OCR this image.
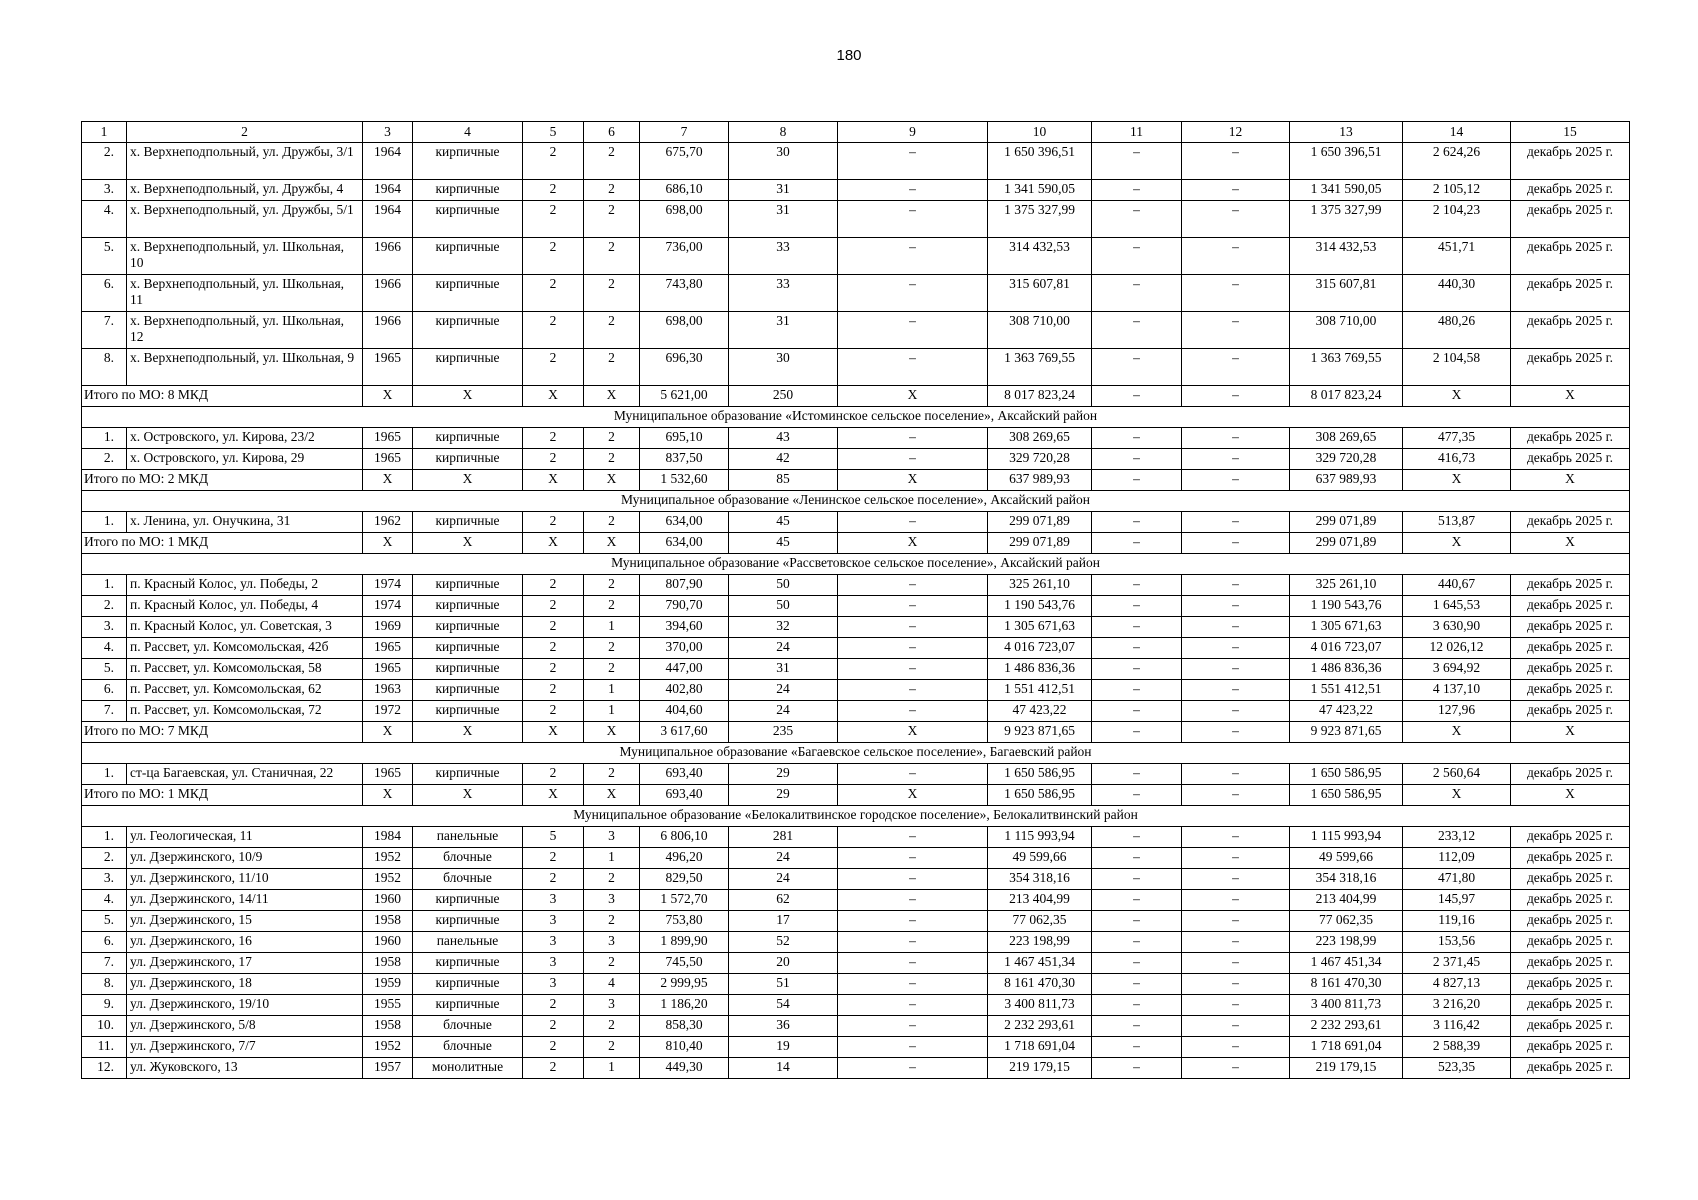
180
1	2	3	4	5	6	7	8	9	10	11	12	13	14	15
2.	х. Верхнеподпольный, ул. Дружбы, 3/1	1964	кирпичные	2	2	675,70	30	–	1 650 396,51	–	–	1 650 396,51	2 624,26	декабрь 2025 г.
3.	х. Верхнеподпольный, ул. Дружбы, 4	1964	кирпичные	2	2	686,10	31	–	1 341 590,05	–	–	1 341 590,05	2 105,12	декабрь 2025 г.
4.	х. Верхнеподпольный, ул. Дружбы, 5/1	1964	кирпичные	2	2	698,00	31	–	1 375 327,99	–	–	1 375 327,99	2 104,23	декабрь 2025 г.
5.	х. Верхнеподпольный, ул. Школьная, 10	1966	кирпичные	2	2	736,00	33	–	314 432,53	–	–	314 432,53	451,71	декабрь 2025 г.
6.	х. Верхнеподпольный, ул. Школьная, 11	1966	кирпичные	2	2	743,80	33	–	315 607,81	–	–	315 607,81	440,30	декабрь 2025 г.
7.	х. Верхнеподпольный, ул. Школьная, 12	1966	кирпичные	2	2	698,00	31	–	308 710,00	–	–	308 710,00	480,26	декабрь 2025 г.
8.	х. Верхнеподпольный, ул. Школьная, 9	1965	кирпичные	2	2	696,30	30	–	1 363 769,55	–	–	1 363 769,55	2 104,58	декабрь 2025 г.
Итого по МО: 8 МКД		Х	Х	Х	Х	5 621,00	250	Х	8 017 823,24	–	–	8 017 823,24	Х	Х
Муниципальное образование «Истоминское сельское поселение», Аксайский район														
1.	х. Островского, ул. Кирова, 23/2	1965	кирпичные	2	2	695,10	43	–	308 269,65	–	–	308 269,65	477,35	декабрь 2025 г.
2.	х. Островского, ул. Кирова, 29	1965	кирпичные	2	2	837,50	42	–	329 720,28	–	–	329 720,28	416,73	декабрь 2025 г.
Итого по МО: 2 МКД		Х	Х	Х	Х	1 532,60	85	Х	637 989,93	–	–	637 989,93	Х	Х
Муниципальное образование «Ленинское сельское поселение», Аксайский район														
1.	х. Ленина, ул. Онучкина, 31	1962	кирпичные	2	2	634,00	45	–	299 071,89	–	–	299 071,89	513,87	декабрь 2025 г.
Итого по МО: 1 МКД		Х	Х	Х	Х	634,00	45	Х	299 071,89	–	–	299 071,89	Х	Х
Муниципальное образование «Рассветовское сельское поселение», Аксайский район														
1.	п. Красный Колос, ул. Победы, 2	1974	кирпичные	2	2	807,90	50	–	325 261,10	–	–	325 261,10	440,67	декабрь 2025 г.
2.	п. Красный Колос, ул. Победы, 4	1974	кирпичные	2	2	790,70	50	–	1 190 543,76	–	–	1 190 543,76	1 645,53	декабрь 2025 г.
3.	п. Красный Колос, ул. Советская, 3	1969	кирпичные	2	1	394,60	32	–	1 305 671,63	–	–	1 305 671,63	3 630,90	декабрь 2025 г.
4.	п. Рассвет, ул. Комсомольская, 42б	1965	кирпичные	2	2	370,00	24	–	4 016 723,07	–	–	4 016 723,07	12 026,12	декабрь 2025 г.
5.	п. Рассвет, ул. Комсомольская, 58	1965	кирпичные	2	2	447,00	31	–	1 486 836,36	–	–	1 486 836,36	3 694,92	декабрь 2025 г.
6.	п. Рассвет, ул. Комсомольская, 62	1963	кирпичные	2	1	402,80	24	–	1 551 412,51	–	–	1 551 412,51	4 137,10	декабрь 2025 г.
7.	п. Рассвет, ул. Комсомольская, 72	1972	кирпичные	2	1	404,60	24	–	47 423,22	–	–	47 423,22	127,96	декабрь 2025 г.
Итого по МО: 7 МКД		Х	Х	Х	Х	3 617,60	235	Х	9 923 871,65	–	–	9 923 871,65	Х	Х
Муниципальное образование «Багаевское сельское поселение», Багаевский район														
1.	ст-ца Багаевская, ул. Станичная, 22	1965	кирпичные	2	2	693,40	29	–	1 650 586,95	–	–	1 650 586,95	2 560,64	декабрь 2025 г.
Итого по МО: 1 МКД		Х	Х	Х	Х	693,40	29	Х	1 650 586,95	–	–	1 650 586,95	Х	Х
Муниципальное образование «Белокалитвинское городское поселение», Белокалитвинский район														
1.	ул. Геологическая, 11	1984	панельные	5	3	6 806,10	281	–	1 115 993,94	–	–	1 115 993,94	233,12	декабрь 2025 г.
2.	ул. Дзержинского, 10/9	1952	блочные	2	1	496,20	24	–	49 599,66	–	–	49 599,66	112,09	декабрь 2025 г.
3.	ул. Дзержинского, 11/10	1952	блочные	2	2	829,50	24	–	354 318,16	–	–	354 318,16	471,80	декабрь 2025 г.
4.	ул. Дзержинского, 14/11	1960	кирпичные	3	3	1 572,70	62	–	213 404,99	–	–	213 404,99	145,97	декабрь 2025 г.
5.	ул. Дзержинского, 15	1958	кирпичные	3	2	753,80	17	–	77 062,35	–	–	77 062,35	119,16	декабрь 2025 г.
6.	ул. Дзержинского, 16	1960	панельные	3	3	1 899,90	52	–	223 198,99	–	–	223 198,99	153,56	декабрь 2025 г.
7.	ул. Дзержинского, 17	1958	кирпичные	3	2	745,50	20	–	1 467 451,34	–	–	1 467 451,34	2 371,45	декабрь 2025 г.
8.	ул. Дзержинского, 18	1959	кирпичные	3	4	2 999,95	51	–	8 161 470,30	–	–	8 161 470,30	4 827,13	декабрь 2025 г.
9.	ул. Дзержинского, 19/10	1955	кирпичные	2	3	1 186,20	54	–	3 400 811,73	–	–	3 400 811,73	3 216,20	декабрь 2025 г.
10.	ул. Дзержинского, 5/8	1958	блочные	2	2	858,30	36	–	2 232 293,61	–	–	2 232 293,61	3 116,42	декабрь 2025 г.
11.	ул. Дзержинского, 7/7	1952	блочные	2	2	810,40	19	–	1 718 691,04	–	–	1 718 691,04	2 588,39	декабрь 2025 г.
12.	ул. Жуковского, 13	1957	монолитные	2	1	449,30	14	–	219 179,15	–	–	219 179,15	523,35	декабрь 2025 г.
